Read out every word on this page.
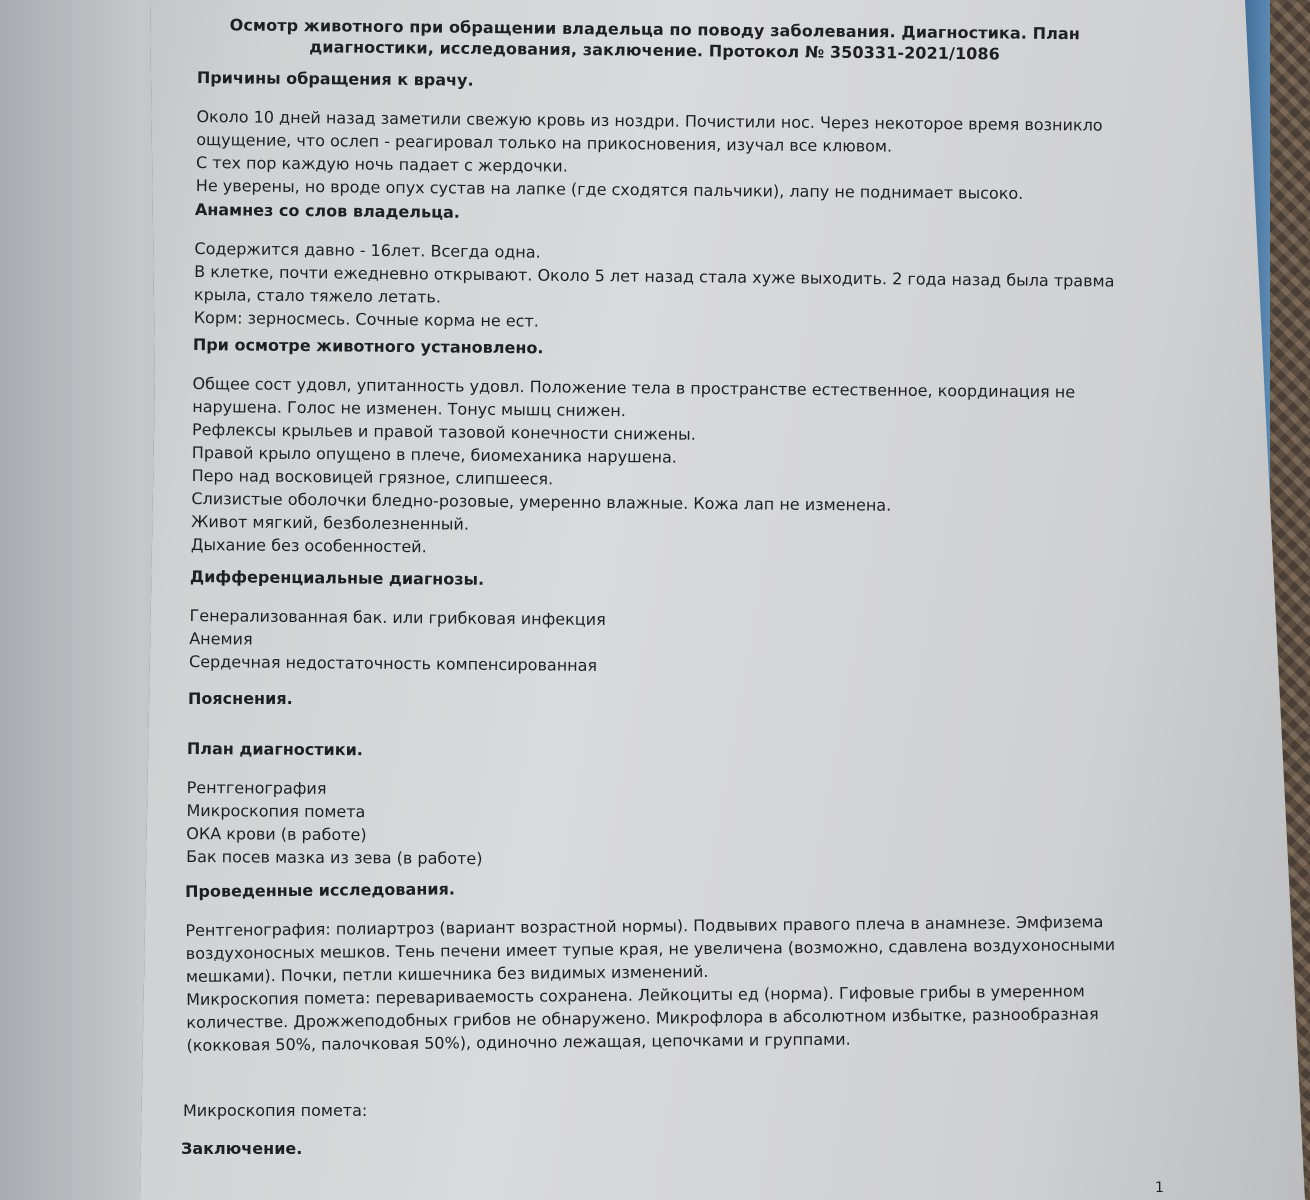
Осмотр животного при обращении владельца по поводу заболевания. Диагностика. План диагностики, исследования, заключение. Протокол № 350331-2021/1086
Причины обращения к врачу.

Около 10 дней назад заметили свежую кровь из ноздри. Почистили нос. Через некоторое время возникло

ощущение, что ослеп - реагировал только на прикосновения, изучал все клювом.

С тех пор каждую ночь падает с жердочки.

Не уверены, но вроде опух сустав на лапке (где сходятся пальчики), лапу не поднимает высоко.

Анамнез со слов владельца.

Содержится давно - 16лет. Всегда одна.

В клетке, почти ежедневно открывают. Около 5 лет назад стала хуже выходить. 2 года назад была травма

крыла, стало тяжело летать.

Корм: зерносмесь. Сочные корма не ест.

При осмотре животного установлено.

Общее сост удовл, упитанность удовл. Положение тела в пространстве естественное, координация не

нарушена. Голос не изменен. Тонус мышц снижен.

Рефлексы крыльев и правой тазовой конечности снижены.

Правой крыло опущено в плече, биомеханика нарушена.

Перо над восковицей грязное, слипшееся.

Слизистые оболочки бледно-розовые, умеренно влажные. Кожа лап не изменена.

Живот мягкий, безболезненный.

Дыхание без особенностей.

Дифференциальные диагнозы.

Генерализованная бак. или грибковая инфекция

Анемия

Сердечная недостаточность компенсированная

Пояснения.
План диагностики.

Рентгенография

Микроскопия помета

ОКА крови (в работе)

Бак посев мазка из зева (в работе)

Проведенные исследования.

Рентгенография: полиартроз (вариант возрастной нормы). Подвывих правого плеча в анамнезе. Эмфизема

воздухоносных мешков. Тень печени имеет тупые края, не увеличена (возможно, сдавлена воздухоносными

мешками). Почки, петли кишечника без видимых изменений.

Микроскопия помета: перевариваемость сохранена. Лейкоциты ед (норма). Гифовые грибы в умеренном

количестве. Дрожжеподобных грибов не обнаружено. Микрофлора в абсолютном избытке, разнообразная

(кокковая 50%, палочковая 50%), одиночно лежащая, цепочками и группами.

Микроскопия помета:

Заключение.
1
